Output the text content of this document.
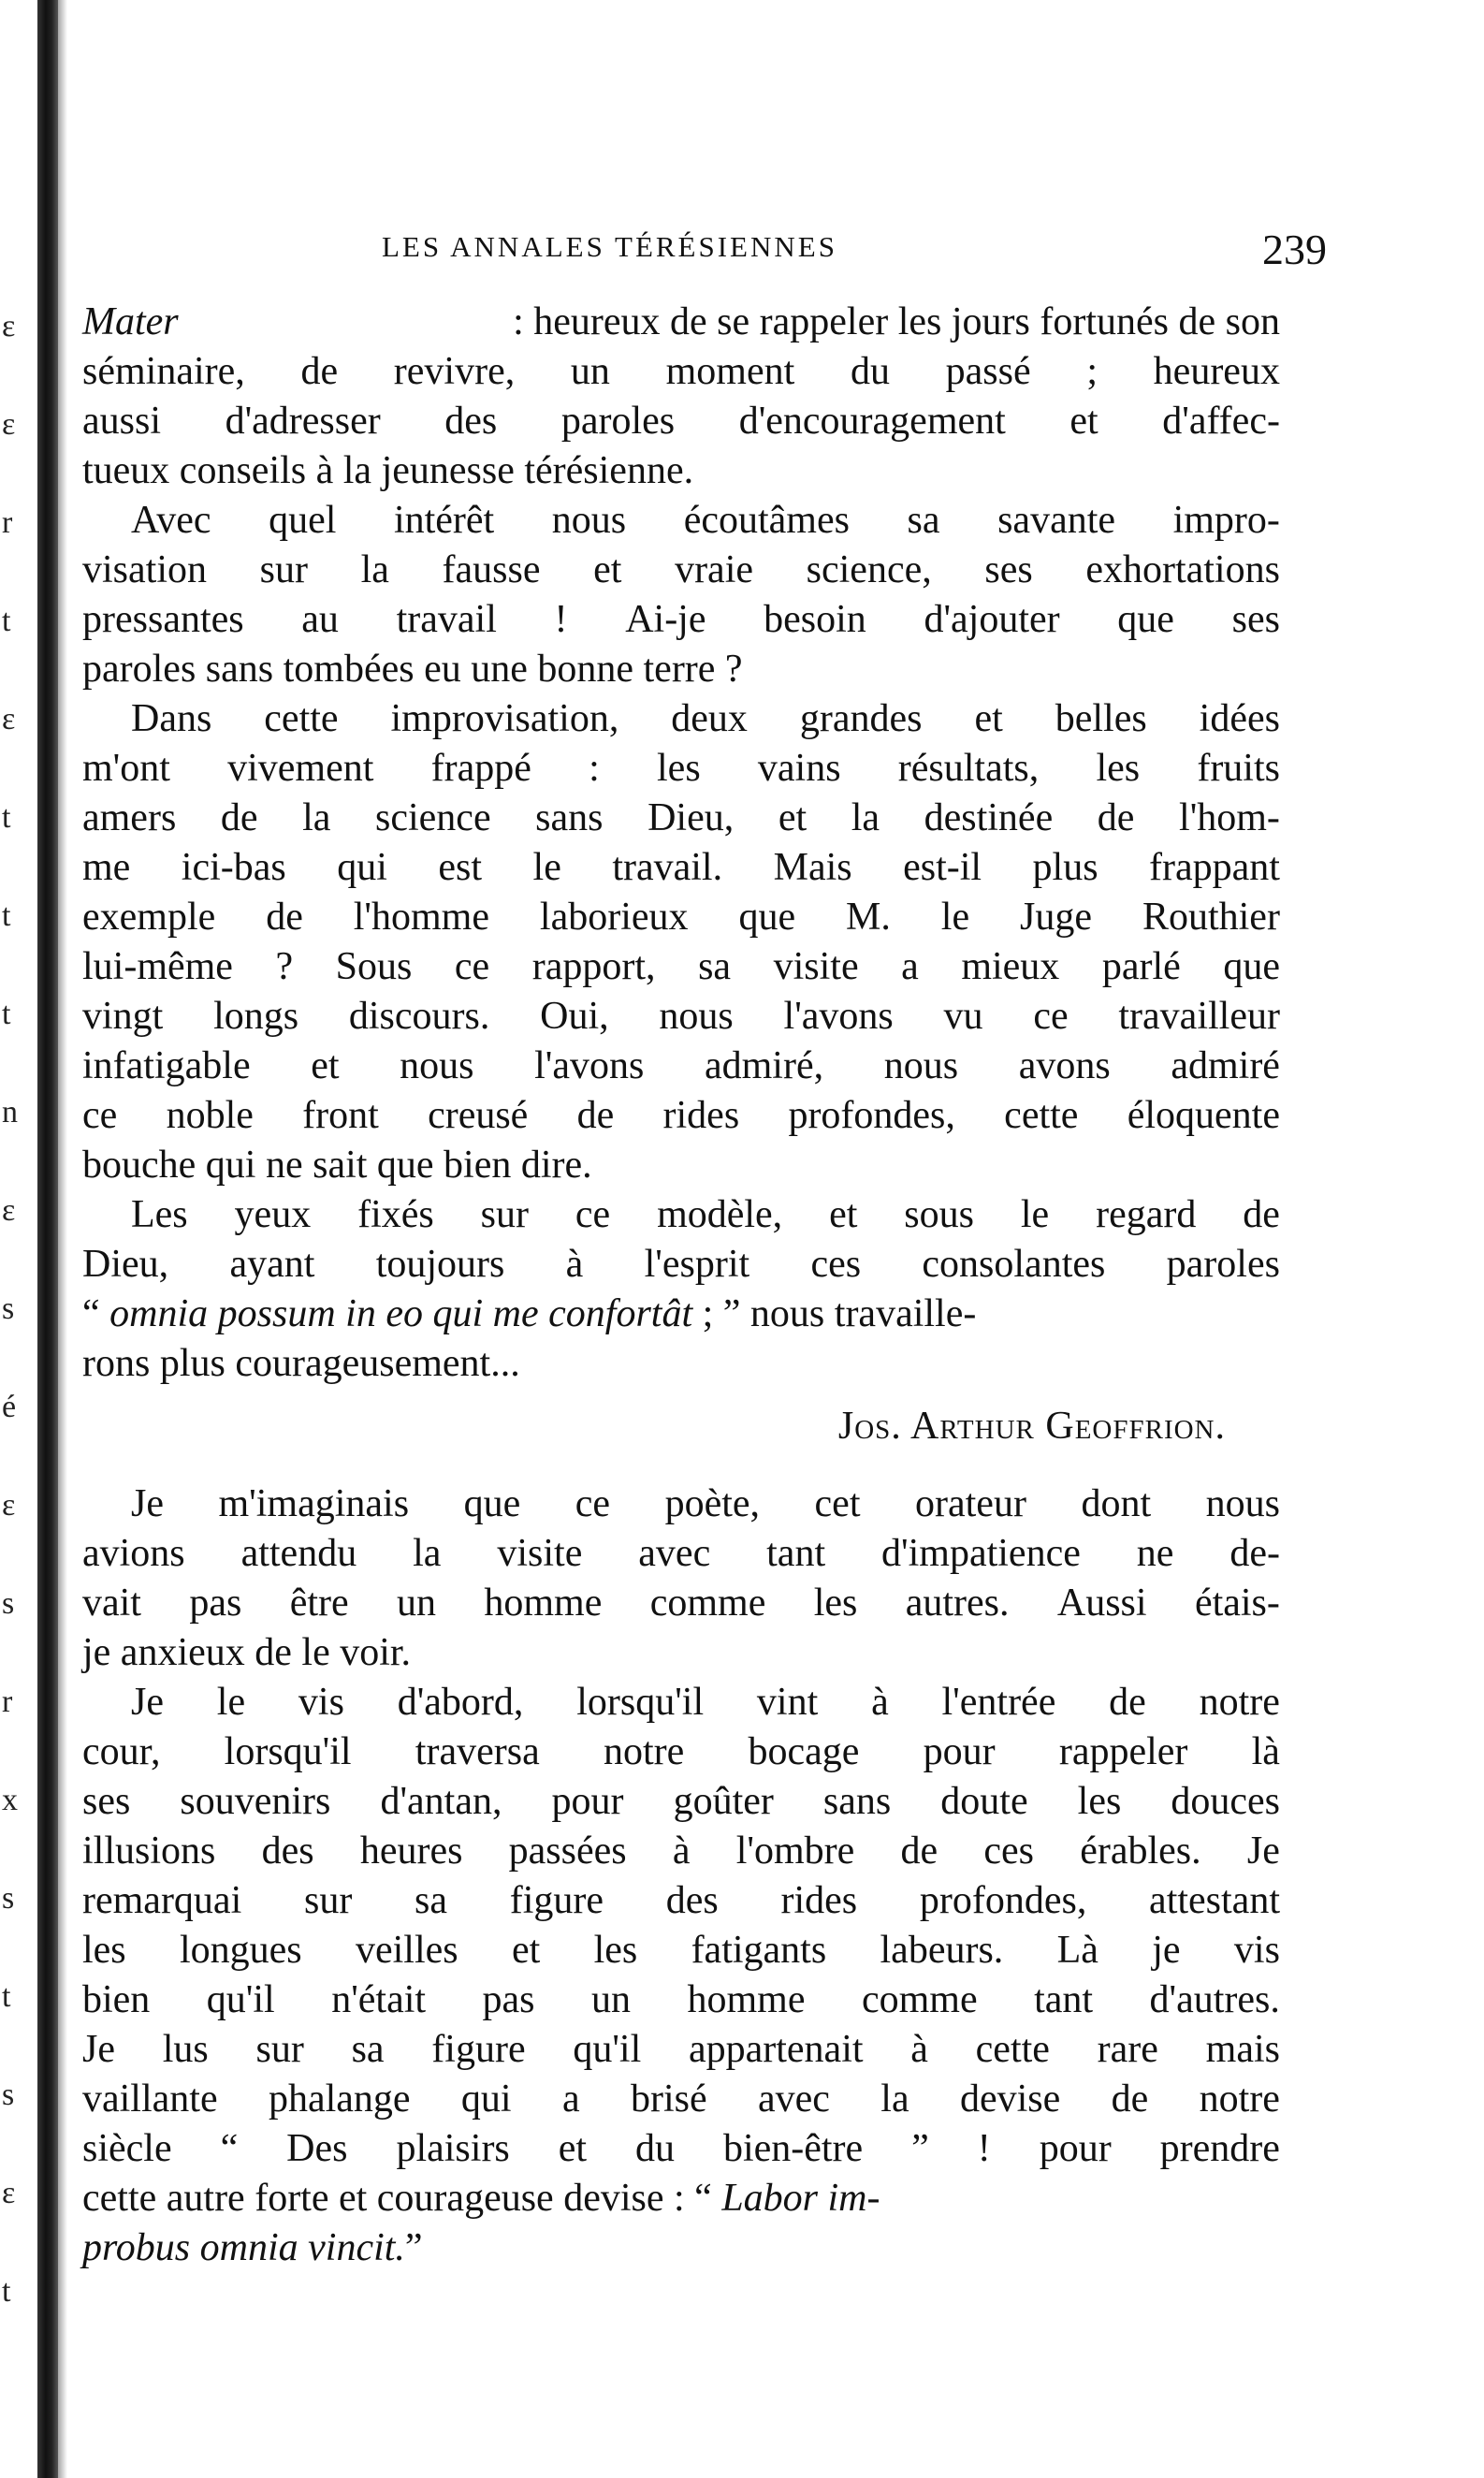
ε
ɛ
r
t
ɛ
t
t
t
n
ɛ
s
é
ɛ
s
r
x
s
t
s
ɛ
t
LES ANNALES TÉRÉSIENNES	239
Mater
	: heureux de se rappeler les jours fortunés de son
séminaire, de revivre, un moment du passé ; heureux
aussi d'adresser des paroles d'encouragement et d'affec-
tueux conseils à la jeunesse térésienne.
Avec quel intérêt nous écoutâmes sa savante impro-
visation sur la fausse et vraie science, ses exhortations
pressantes au travail ! Ai-je besoin d'ajouter que ses
paroles sans tombées eu une bonne terre ?
Dans cette improvisation, deux grandes et belles idées
m'ont vivement frappé : les vains résultats, les fruits
amers de la science sans Dieu, et la destinée de l'hom-
me ici-bas qui est le travail. Mais est-il plus frappant
exemple de l'homme laborieux que M. le Juge Routhier
lui-même ? Sous ce rapport, sa visite a mieux parlé que
vingt longs discours. Oui, nous l'avons vu ce travailleur
infatigable et nous l'avons admiré, nous avons admiré
ce noble front creusé de rides profondes, cette éloquente
bouche qui ne sait que bien dire.
Les yeux fixés sur ce modèle, et sous le regard de
Dieu, ayant toujours à l'esprit ces consolantes paroles
“ omnia possum in eo qui me confortât ; ” nous travaille-
rons plus courageusement...
Jos. Arthur Geoffrion.
Je m'imaginais que ce poète, cet orateur dont nous
avions attendu la visite avec tant d'impatience ne de-
vait pas être un homme comme les autres. Aussi étais-
je anxieux de le voir.
Je le vis d'abord, lorsqu'il vint à l'entrée de notre
cour, lorsqu'il traversa notre bocage pour rappeler là
ses souvenirs d'antan, pour goûter sans doute les douces
illusions des heures passées à l'ombre de ces érables. Je
remarquai sur sa figure des rides profondes, attestant
les longues veilles et les fatigants labeurs. Là je vis
bien qu'il n'était pas un homme comme tant d'autres.
Je lus sur sa figure qu'il appartenait à cette rare mais
vaillante phalange qui a brisé avec la devise de notre
siècle “ Des plaisirs et du bien-être ” ! pour prendre
cette autre forte et courageuse devise : “ Labor im-
probus omnia vincit. ”
